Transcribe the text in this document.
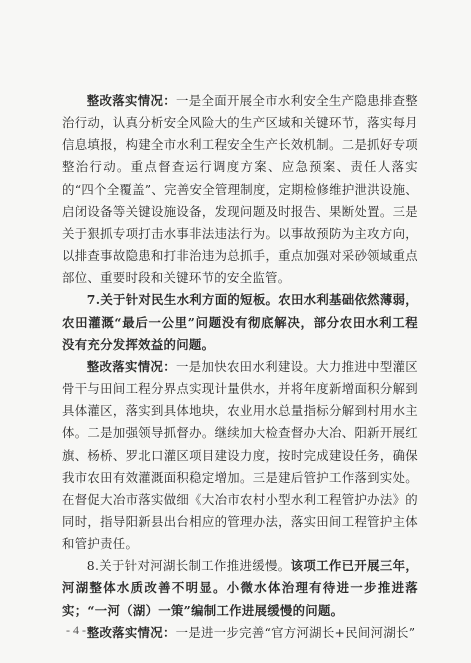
整改落实情况：一是全面开展全市水利安全生产隐患排查整治行动，认真分析安全风险大的生产区域和关键环节，落实每月信息填报，构建全市水利工程安全生产长效机制。二是抓好专项整治行动。重点督查运行调度方案、应急预案、责任人落实的“四个全覆盖”、完善安全管理制度，定期检修维护泄洪设施、启闭设备等关键设施设备，发现问题及时报告、果断处置。三是关于狠抓专项打击水事非法违法行为。以事故预防为主攻方向，以排查事故隐患和打非治违为总抓手，重点加强对采砂领域重点部位、重要时段和关键环节的安全监管。

7.关于针对民生水利方面的短板。农田水利基础依然薄弱，农田灌溉“最后一公里”问题没有彻底解决，部分农田水利工程没有充分发挥效益的问题。

整改落实情况：一是加快农田水利建设。大力推进中型灌区骨干与田间工程分界点实现计量供水，并将年度新增面积分解到具体灌区，落实到具体地块，农业用水总量指标分解到村用水主体。二是加强领导抓督办。继续加大检查督办大冶、阳新开展红旗、杨桥、罗北口灌区项目建设力度，按时完成建设任务，确保我市农田有效灌溉面积稳定增加。三是建后管护工作落到实处。在督促大冶市落实做细《大冶市农村小型水利工程管护办法》的同时，指导阳新县出台相应的管理办法，落实田间工程管护主体和管护责任。

8.关于针对河湖长制工作推进缓慢。该项工作已开展三年，河湖整体水质改善不明显。小微水体治理有待进一步推进落实；“一河（湖）一策”编制工作进展缓慢的问题。

整改落实情况：一是进一步完善“官方河湖长+民间河湖长”

- 4 -
